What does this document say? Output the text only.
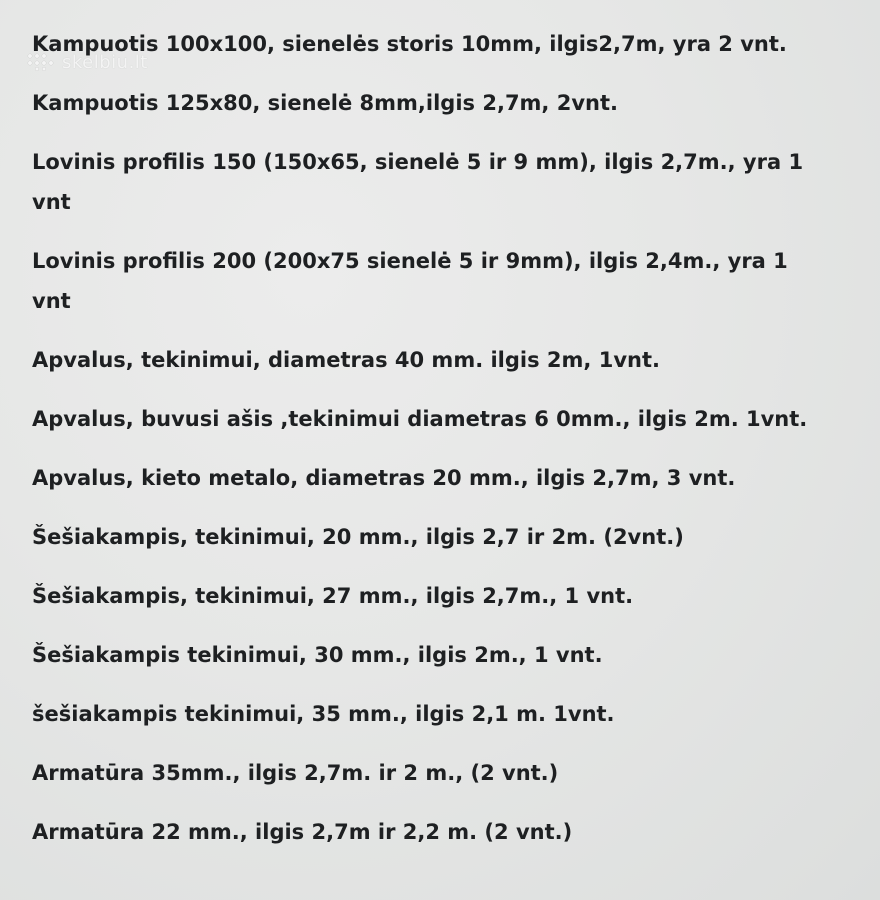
skelbiu.lt
Kampuotis 100x100, sienelės storis 10mm, ilgis2,7m, yra 2 vnt.
Kampuotis 125x80, sienelė 8mm,ilgis 2,7m, 2vnt.
Lovinis profilis 150 (150x65, sienelė 5 ir 9 mm), ilgis 2,7m., yra 1
vnt
Lovinis profilis 200 (200x75 sienelė 5 ir 9mm), ilgis 2,4m., yra 1
vnt
Apvalus, tekinimui, diametras 40 mm. ilgis 2m, 1vnt.
Apvalus, buvusi ašis ,tekinimui diametras 6 0mm., ilgis 2m. 1vnt.
Apvalus, kieto metalo, diametras 20 mm., ilgis 2,7m, 3 vnt.
Šešiakampis, tekinimui, 20 mm., ilgis 2,7 ir 2m. (2vnt.)
Šešiakampis, tekinimui, 27 mm., ilgis 2,7m., 1 vnt.
Šešiakampis tekinimui, 30 mm., ilgis 2m., 1 vnt.
šešiakampis tekinimui, 35 mm., ilgis 2,1 m. 1vnt.
Armatūra 35mm., ilgis 2,7m. ir 2 m., (2 vnt.)
Armatūra 22 mm., ilgis 2,7m ir 2,2 m. (2 vnt.)
